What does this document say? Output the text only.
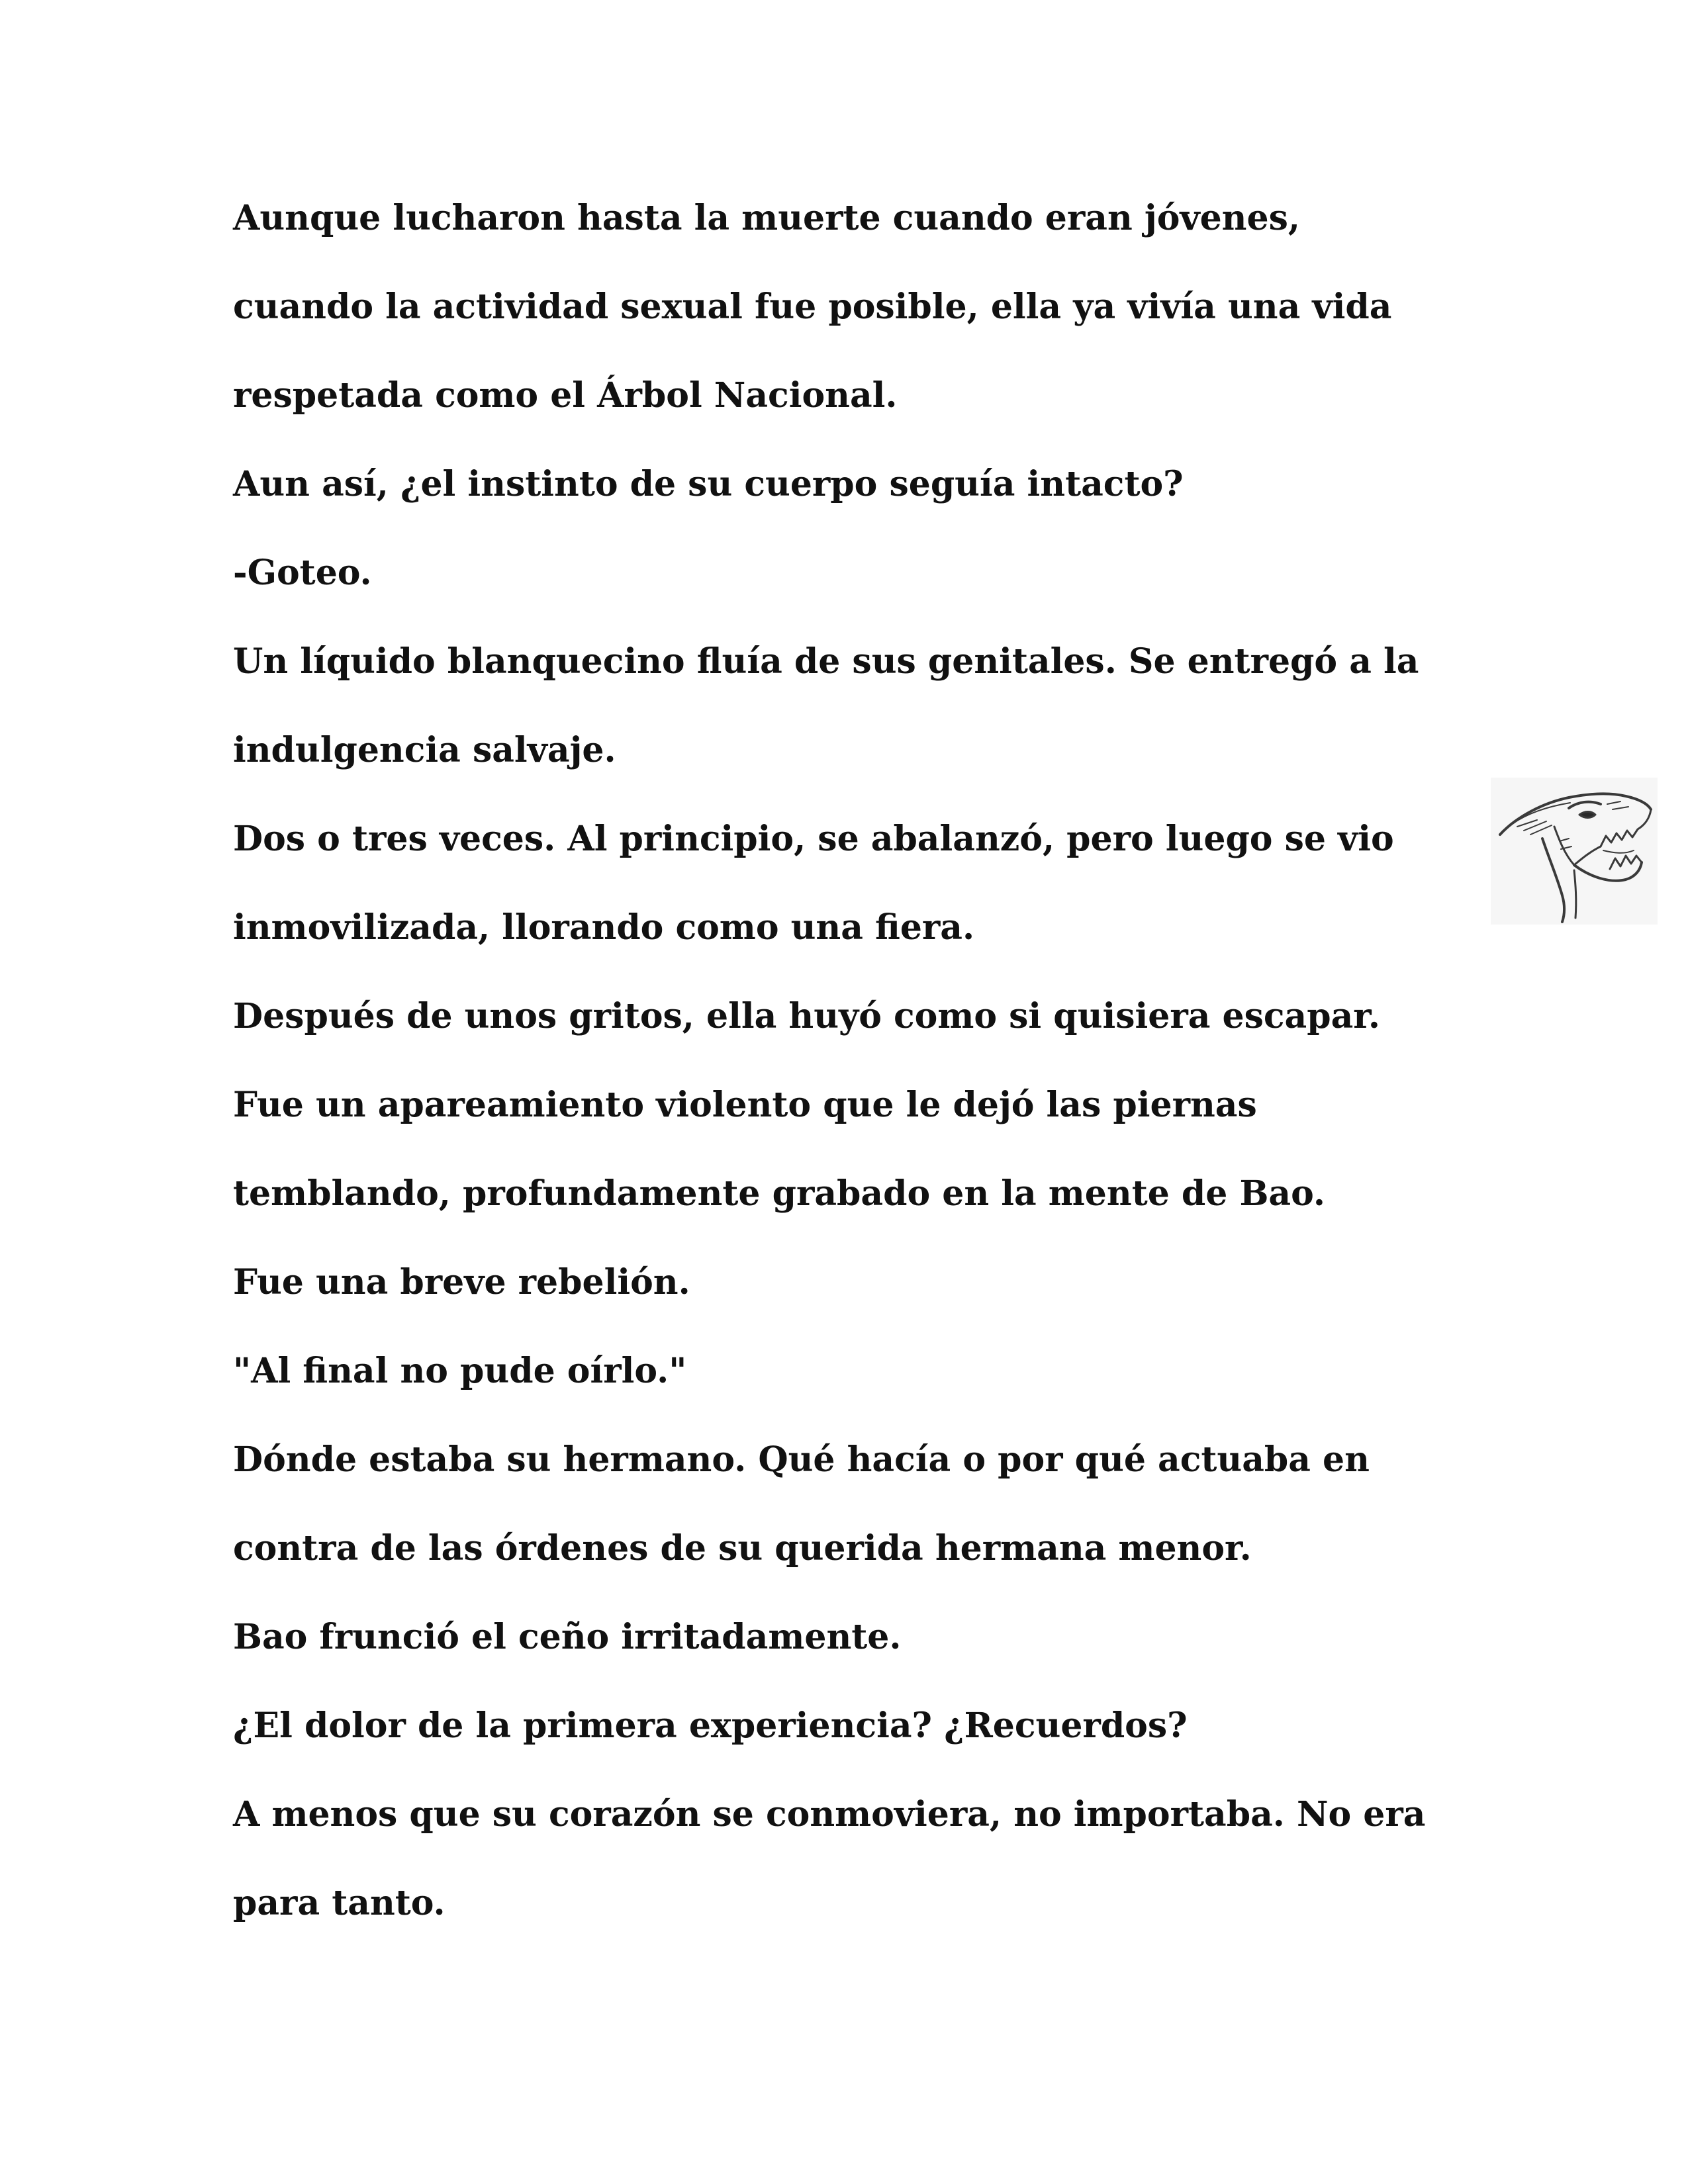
Aunque lucharon hasta la muerte cuando eran jóvenes,
cuando la actividad sexual fue posible, ella ya vivía una vida
respetada como el Árbol Nacional.
Aun así, ¿el instinto de su cuerpo seguía intacto?
-Goteo.
Un líquido blanquecino fluía de sus genitales. Se entregó a la
indulgencia salvaje.
Dos o tres veces. Al principio, se abalanzó, pero luego se vio
inmovilizada, llorando como una fiera.
Después de unos gritos, ella huyó como si quisiera escapar.
Fue un apareamiento violento que le dejó las piernas
temblando, profundamente grabado en la mente de Bao.
Fue una breve rebelión.
"Al final no pude oírlo."
Dónde estaba su hermano. Qué hacía o por qué actuaba en
contra de las órdenes de su querida hermana menor.
Bao frunció el ceño irritadamente.
¿El dolor de la primera experiencia? ¿Recuerdos?
A menos que su corazón se conmoviera, no importaba. No era
para tanto.
